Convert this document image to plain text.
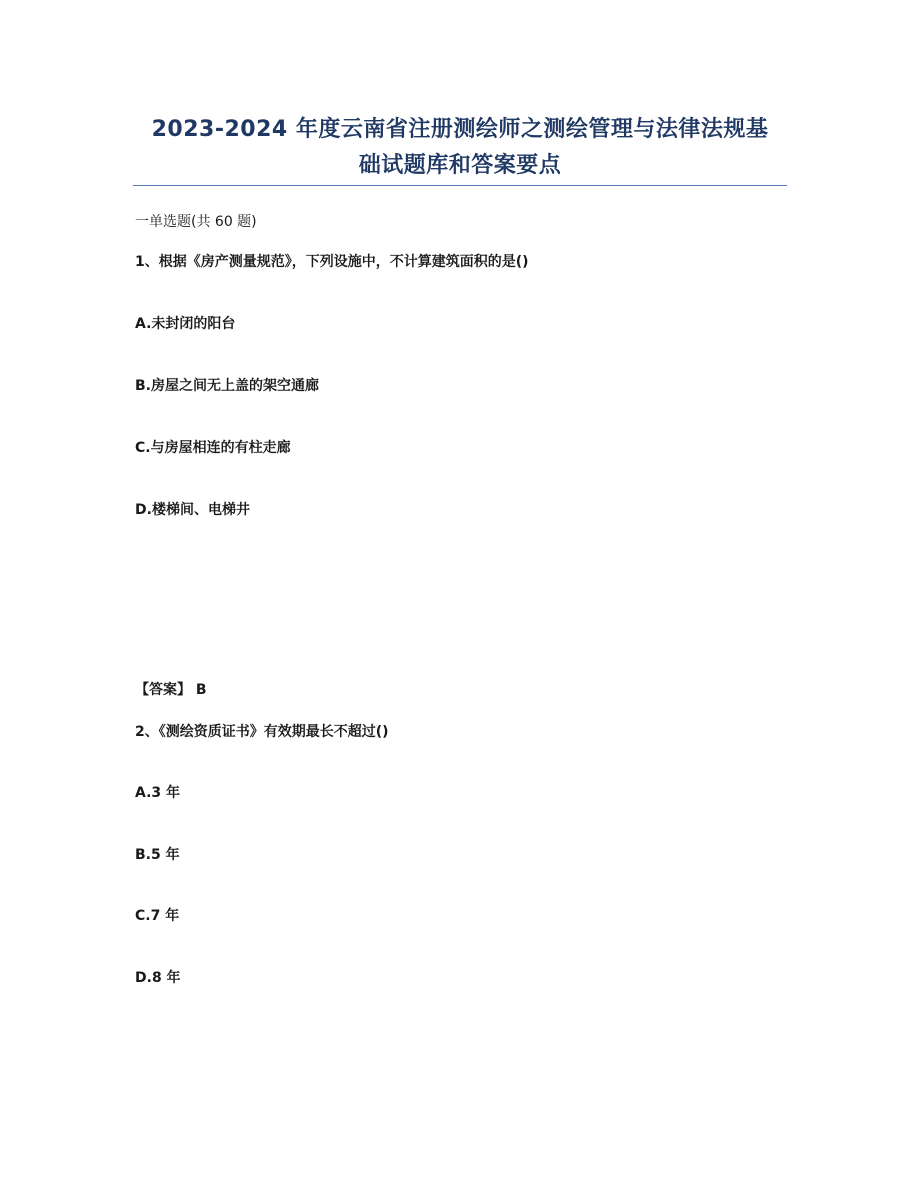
2023-2024 年度云南省注册测绘师之测绘管理与法律法规基
础试题库和答案要点
一单选题(共 60 题)
1、根据《房产测量规范》，下列设施中，不计算建筑面积的是()
A.未封闭的阳台
B.房屋之间无上盖的架空通廊
C.与房屋相连的有柱走廊
D.楼梯间、电梯井
【答案】 B
2、《测绘资质证书》有效期最长不超过()
A.3 年
B.5 年
C.7 年
D.8 年
